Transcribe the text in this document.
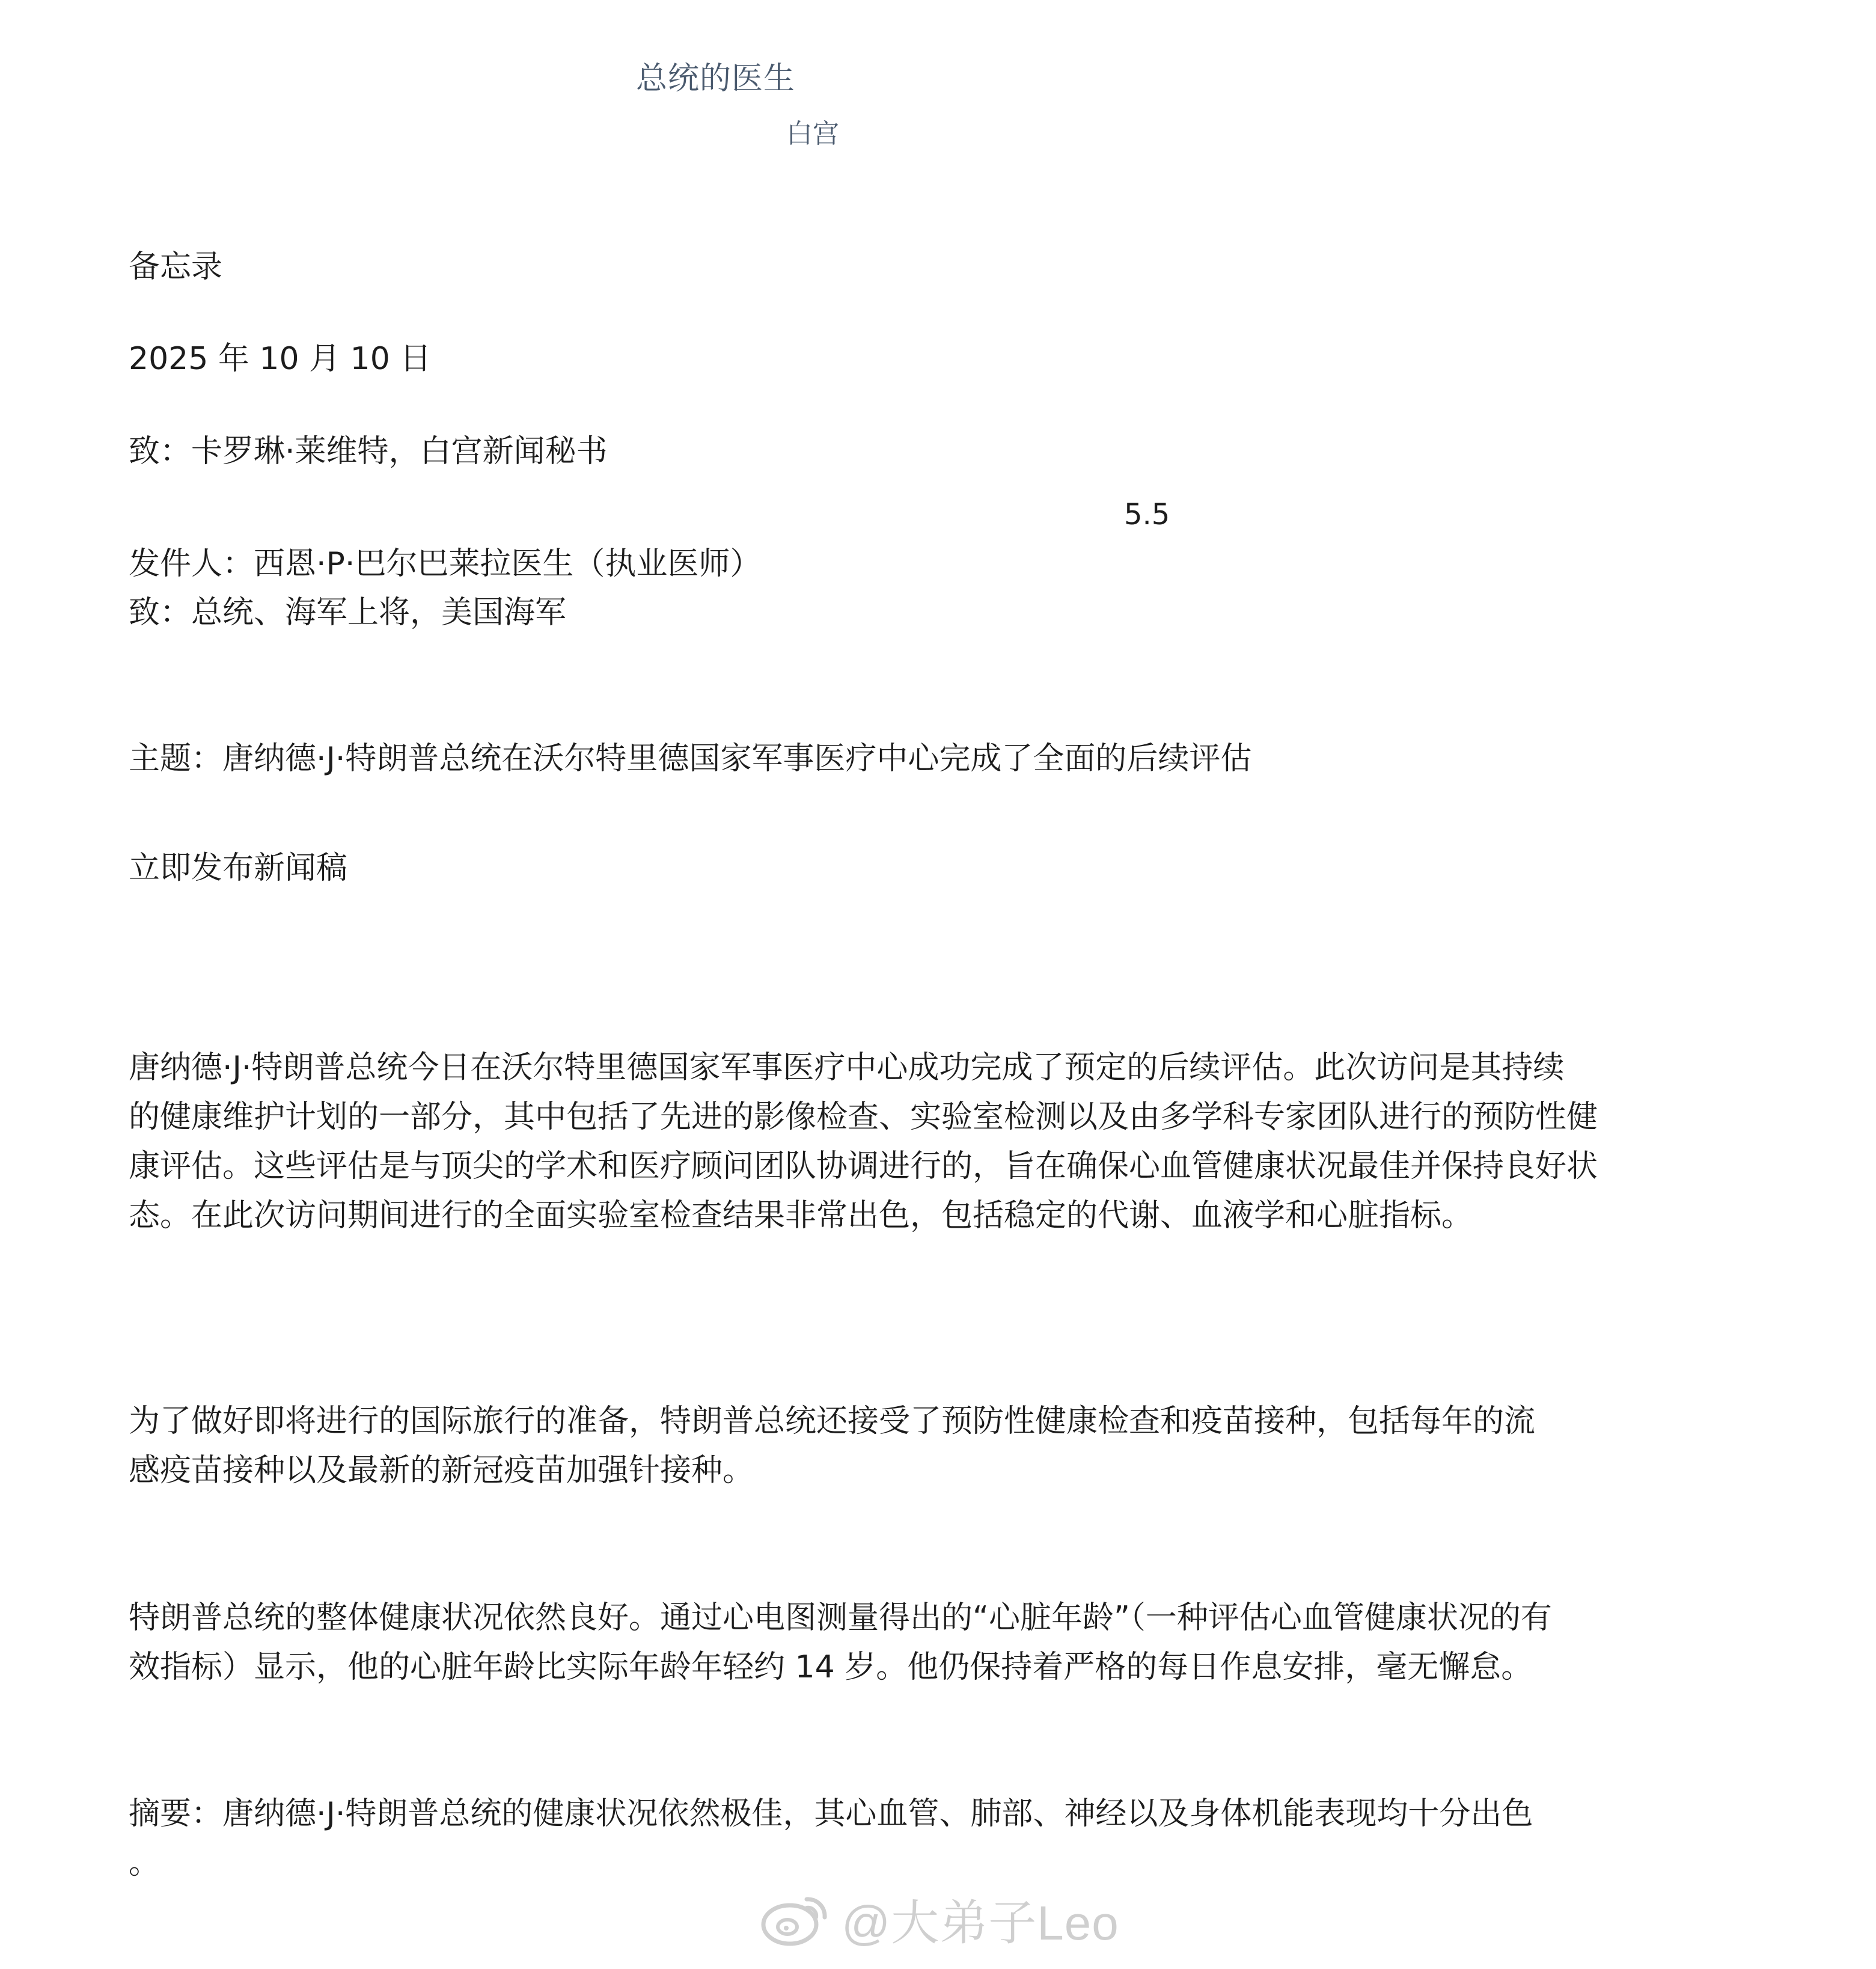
总统的医生
白宫
备忘录
2025 年 10 月 10 日
致：卡罗琳·莱维特，白宫新闻秘书
5.5
发件人：西恩·P·巴尔巴莱拉医生（执业医师）
致：总统、海军上将，美国海军
主题：唐纳德·J·特朗普总统在沃尔特里德国家军事医疗中心完成了全面的后续评估
立即发布新闻稿
唐纳德·J·特朗普总统今日在沃尔特里德国家军事医疗中心成功完成了预定的后续评估。此次访问是其持续
的健康维护计划的一部分，其中包括了先进的影像检查、实验室检测以及由多学科专家团队进行的预防性健
康评估。这些评估是与顶尖的学术和医疗顾问团队协调进行的，旨在确保心血管健康状况最佳并保持良好状
态。在此次访问期间进行的全面实验室检查结果非常出色，包括稳定的代谢、血液学和心脏指标。
为了做好即将进行的国际旅行的准备，特朗普总统还接受了预防性健康检查和疫苗接种，包括每年的流
感疫苗接种以及最新的新冠疫苗加强针接种。
特朗普总统的整体健康状况依然良好。通过心电图测量得出的“心脏年龄”（一种评估心血管健康状况的有
效指标）显示，他的心脏年龄比实际年龄年轻约 14 岁。他仍保持着严格的每日作息安排，毫无懈怠。
摘要：唐纳德·J·特朗普总统的健康状况依然极佳，其心血管、肺部、神经以及身体机能表现均十分出色
。
@大弟子Leo
